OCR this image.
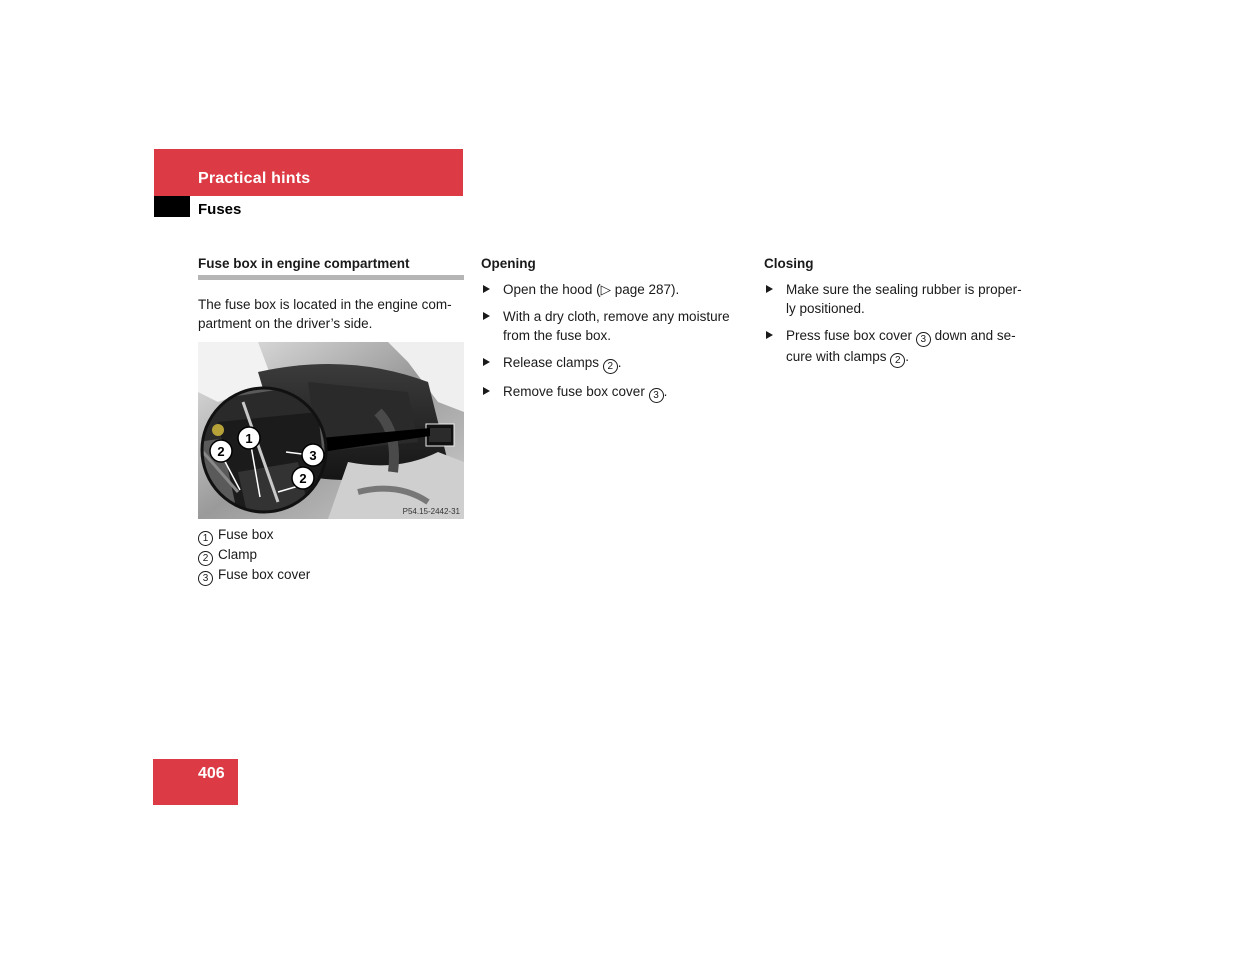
Practical hints
Fuses

Fuse box in engine compartment

The fuse box is located in the engine com-
partment on the driver’s side.

1
2	3
2
P54.15-2442-31
1 Fuse box
2 Clamp
3 Fuse box cover

Opening

Open the hood (▷ page 287).
With a dry cloth, remove any moisture
from the fuse box.
Release clamps 2 .
Remove fuse box cover 3 .

Closing

Make sure the sealing rubber is proper-
ly positioned.
Press fuse box cover 3 down and se-
cure with clamps 2 .
406
